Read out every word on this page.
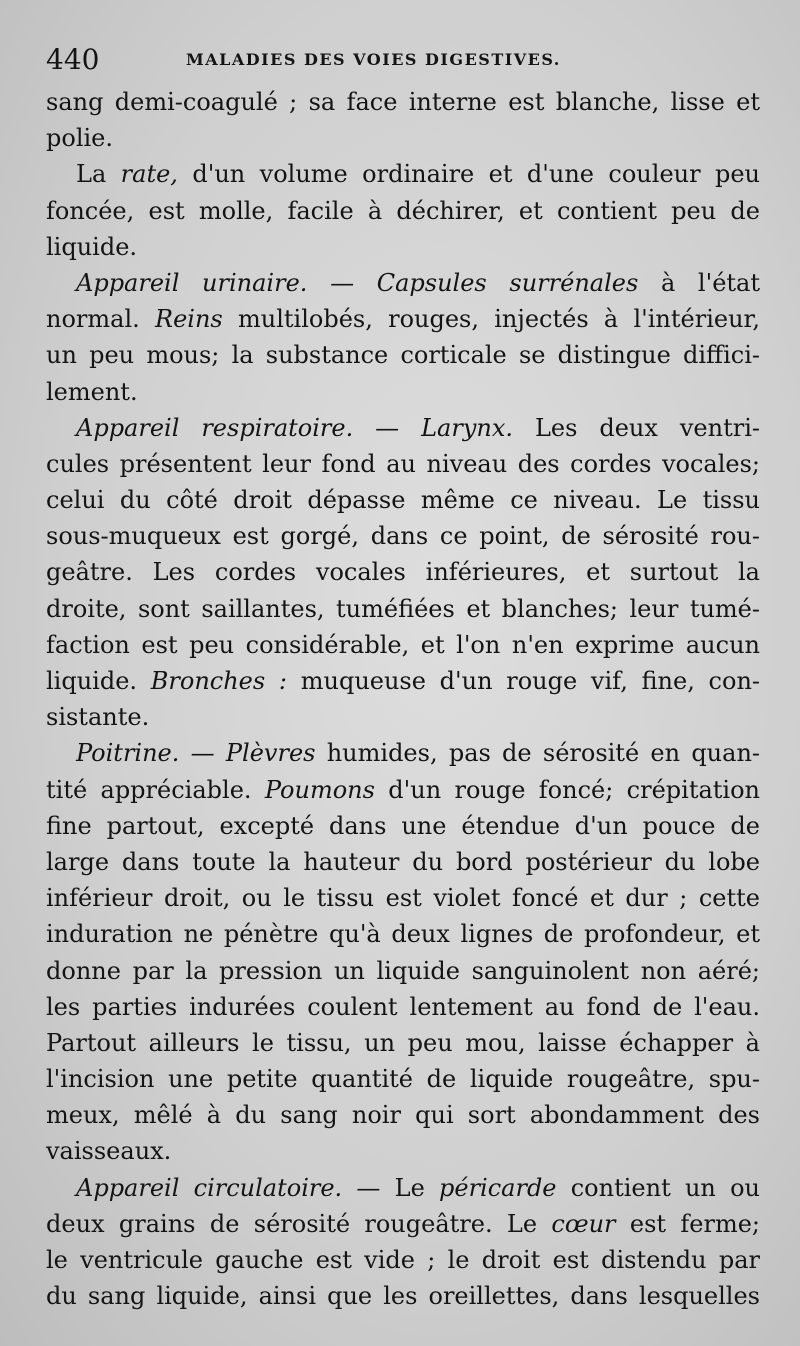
440	MALADIES DES VOIES DIGESTIVES.
sang demi-coagulé ; sa face interne est blanche, lisse et
polie.
La rate, d'un volume ordinaire et d'une couleur peu
foncée, est molle, facile à déchirer, et contient peu de
liquide.
Appareil urinaire. — Capsules surrénales à l'état
normal. Reins multilobés, rouges, injectés à l'intérieur,
un peu mous; la substance corticale se distingue diffici-
lement.
Appareil respiratoire. — Larynx. Les deux ventri-
cules présentent leur fond au niveau des cordes vocales;
celui du côté droit dépasse même ce niveau. Le tissu
sous-muqueux est gorgé, dans ce point, de sérosité rou-
geâtre. Les cordes vocales inférieures, et surtout la
droite, sont saillantes, tuméfiées et blanches; leur tumé-
faction est peu considérable, et l'on n'en exprime aucun
liquide. Bronches : muqueuse d'un rouge vif, fine, con-
sistante.
Poitrine. — Plèvres humides, pas de sérosité en quan-
tité appréciable. Poumons d'un rouge foncé; crépitation
fine partout, excepté dans une étendue d'un pouce de
large dans toute la hauteur du bord postérieur du lobe
inférieur droit, ou le tissu est violet foncé et dur ; cette
induration ne pénètre qu'à deux lignes de profondeur, et
donne par la pression un liquide sanguinolent non aéré;
les parties indurées coulent lentement au fond de l'eau.
Partout ailleurs le tissu, un peu mou, laisse échapper à
l'incision une petite quantité de liquide rougeâtre, spu-
meux, mêlé à du sang noir qui sort abondamment des
vaisseaux.
Appareil circulatoire. — Le péricarde contient un ou
deux grains de sérosité rougeâtre. Le cœur est ferme;
le ventricule gauche est vide ; le droit est distendu par
du sang liquide, ainsi que les oreillettes, dans lesquelles
